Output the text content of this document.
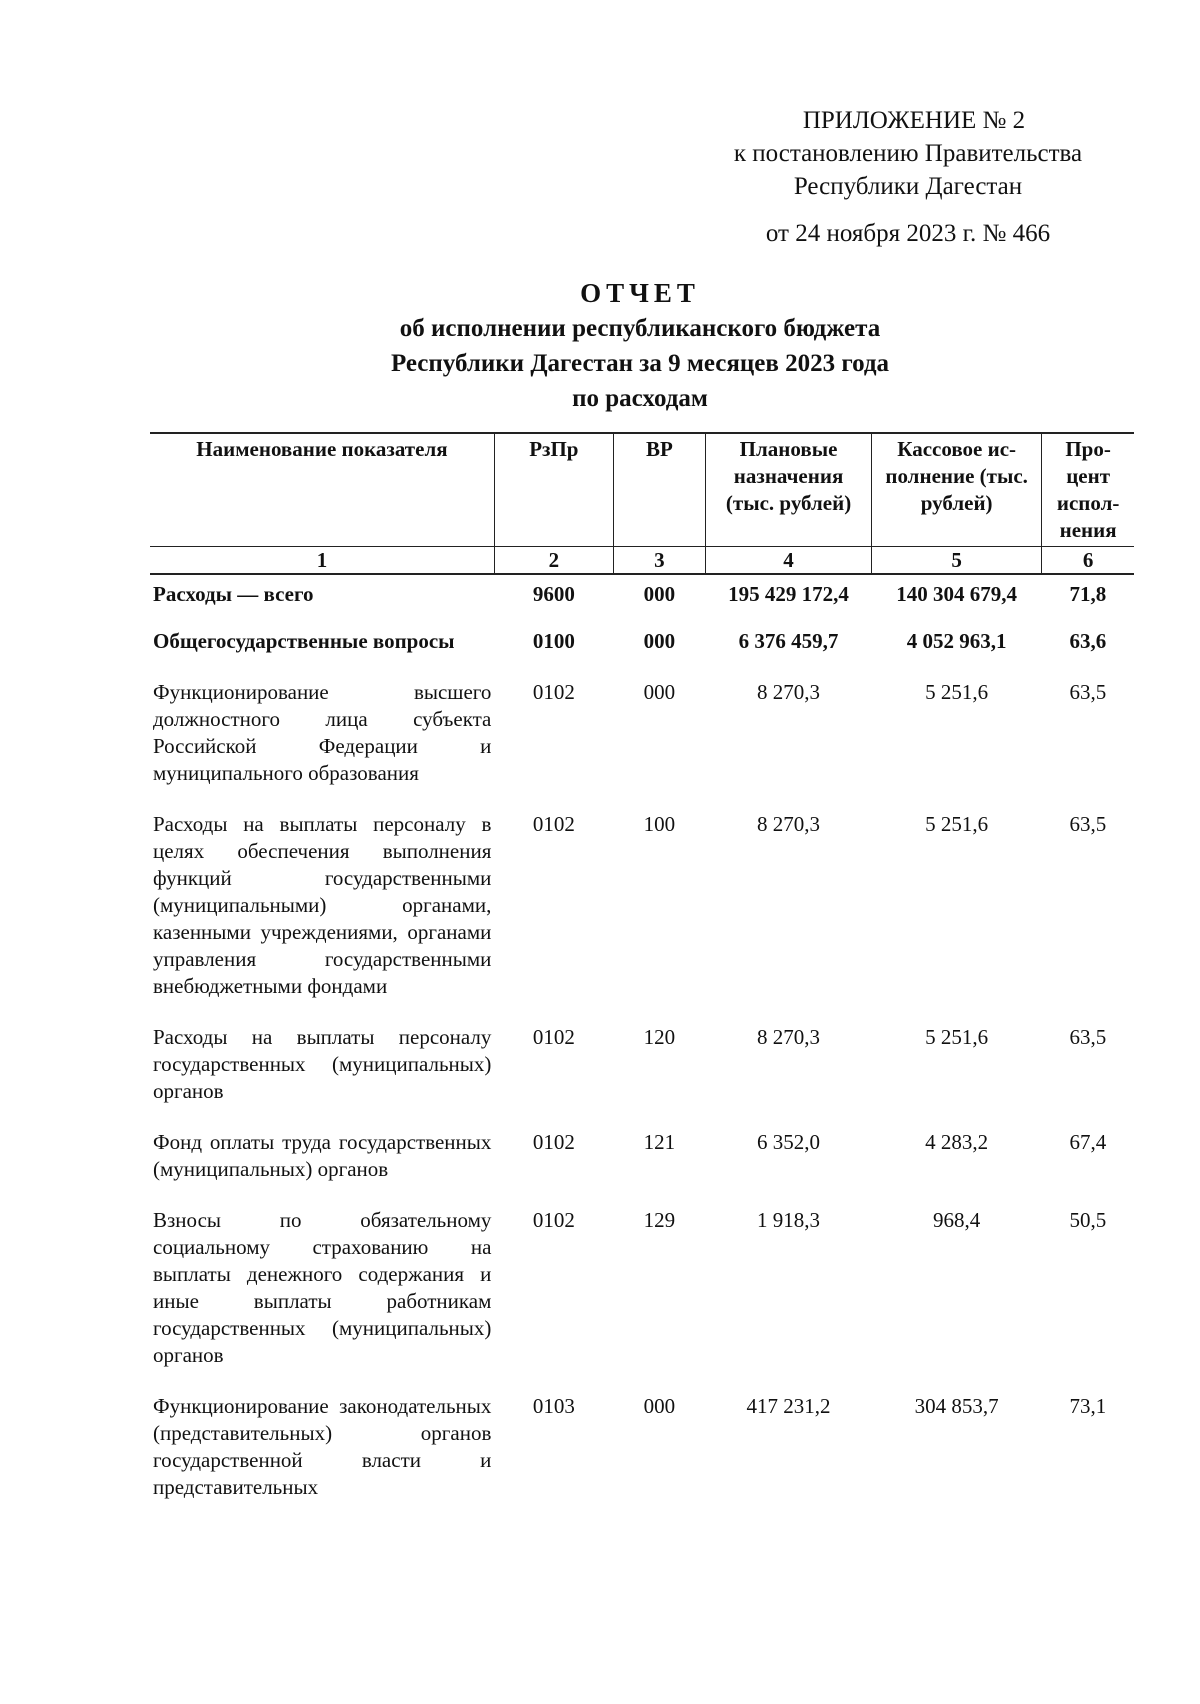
ПРИЛОЖЕНИЕ № 2
к постановлению Правительства
Республики Дагестан
от 24 ноября 2023 г. № 466
ОТЧЕТ
об исполнении республиканского бюджета
Республики Дагестан за 9 месяцев 2023 года
по расходам
Наименование показателя	РзПр	ВР	Плановые назначения (тыс. рублей)	Кассовое ис- полнение (тыс. рублей)	Про- цент испол- нения
1	2	3	4	5	6
Расходы — всего	9600	000	195 429 172,4	140 304 679,4	71,8
Общегосударственные вопросы	0100	000	6 376 459,7	4 052 963,1	63,6
Функционирование высшего должностного лица субъекта Российской Федерации и муниципального образования	0102	000	8 270,3	5 251,6	63,5
Расходы на выплаты персоналу в целях обеспечения выполнения функций государственными (муниципальными) органами, казенными учреждениями, органами управления государственными внебюджетными фондами	0102	100	8 270,3	5 251,6	63,5
Расходы на выплаты персоналу государственных (муниципальных) органов	0102	120	8 270,3	5 251,6	63,5
Фонд оплаты труда государственных (муниципальных) органов	0102	121	6 352,0	4 283,2	67,4
Взносы по обязательному социальному страхованию на выплаты денежного содержания и иные выплаты работникам государственных (муниципальных) органов	0102	129	1 918,3	968,4	50,5
Функционирование законодательных (представительных) органов государственной власти и представительных	0103	000	417 231,2	304 853,7	73,1
